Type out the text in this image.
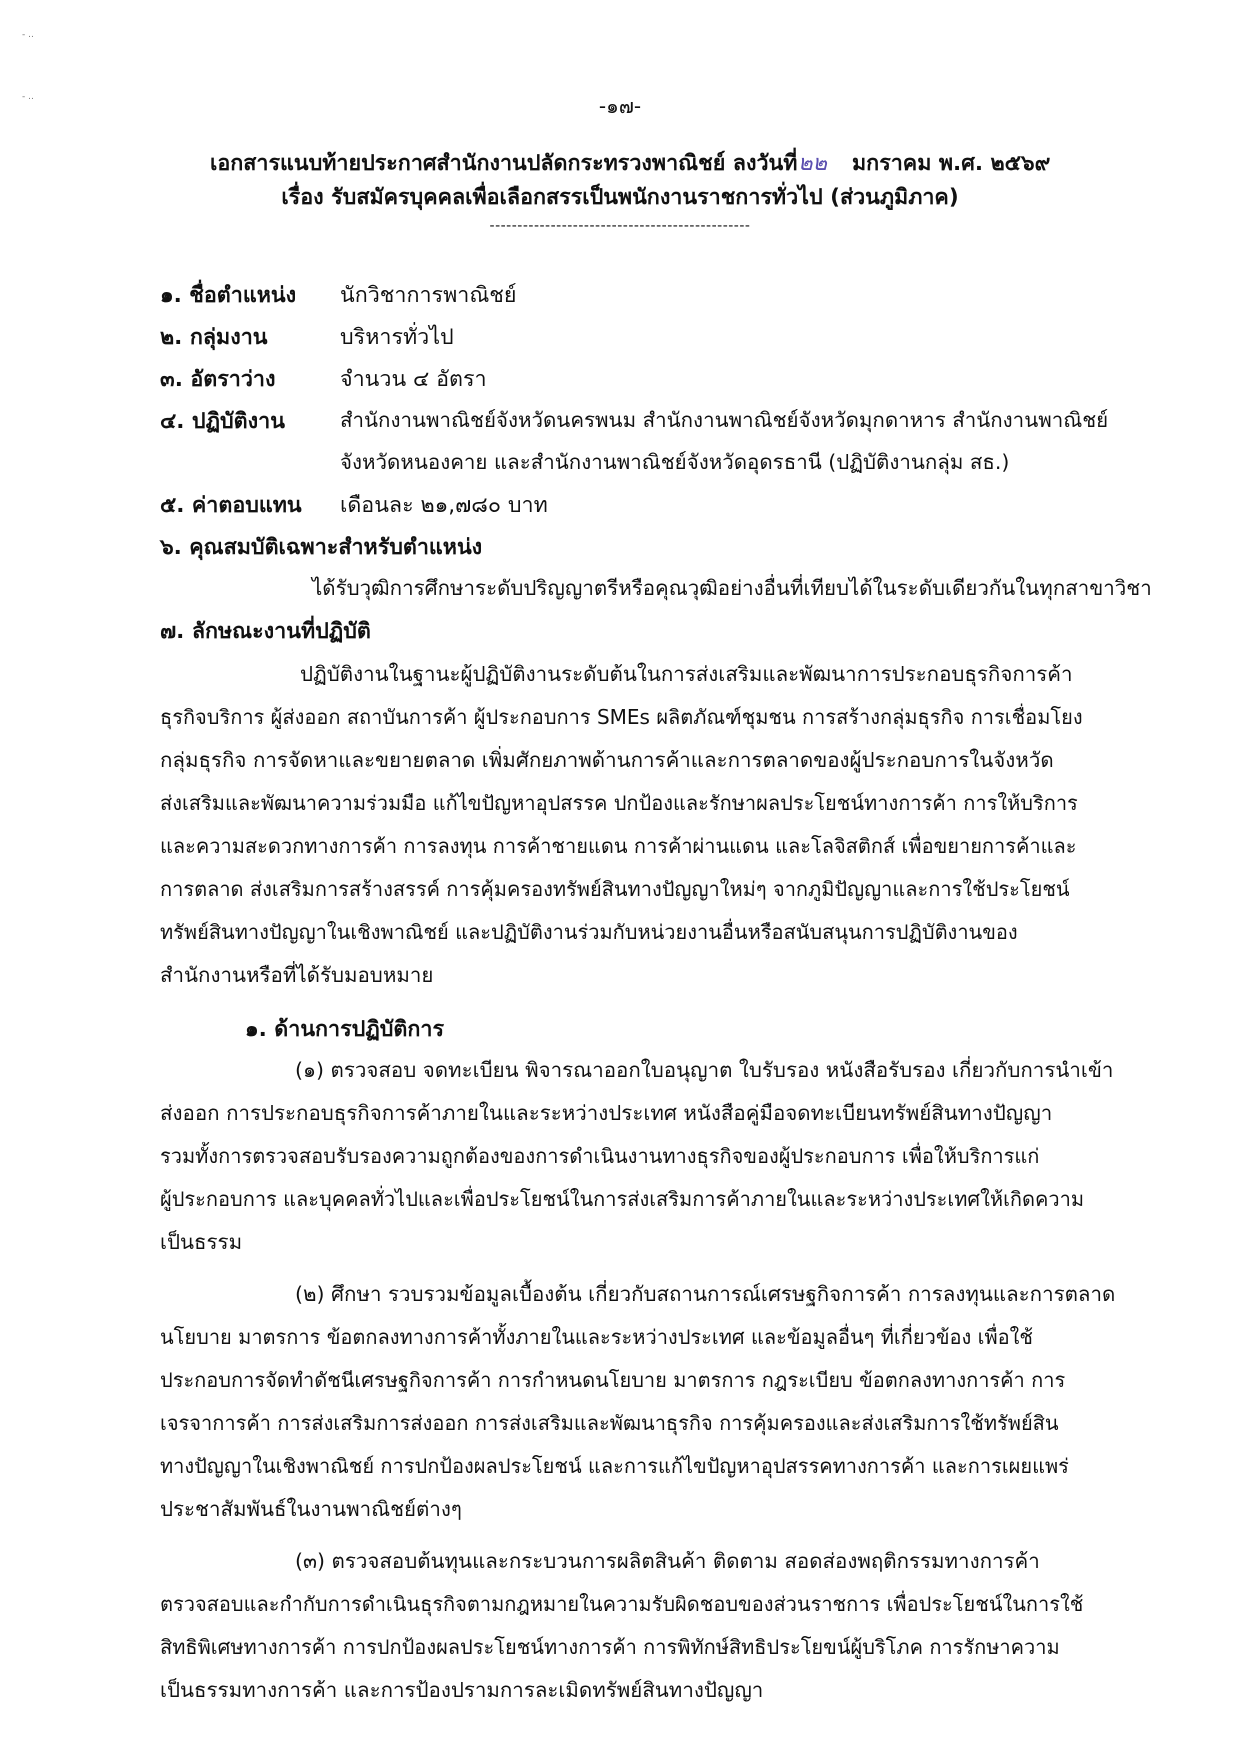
- ..
- ..	-๑๗-
เอกสารแนบท้ายประกาศสำนักงานปลัดกระทรวงพาณิชย์ ลงวันที่ ๒๒ มกราคม พ.ศ. ๒๕๖๙
เรื่อง รับสมัครบุคคลเพื่อเลือกสรรเป็นพนักงานราชการทั่วไป (ส่วนภูมิภาค)
-----------------------------------------------
๑. ชื่อตำแหน่ง นักวิชาการพาณิชย์
๒. กลุ่มงาน	บริหารทั่วไป
๓. อัตราว่าง	จำนวน ๔ อัตรา
๔. ปฏิบัติงาน	สำนักงานพาณิชย์จังหวัดนครพนม สำนักงานพาณิชย์จังหวัดมุกดาหาร สำนักงานพาณิชย์
จังหวัดหนองคาย และสำนักงานพาณิชย์จังหวัดอุดรธานี (ปฏิบัติงานกลุ่ม สธ.)
๕. ค่าตอบแทน เดือนละ ๒๑,๗๘๐ บาท
๖. คุณสมบัติเฉพาะสำหรับตำแหน่ง
ได้รับวุฒิการศึกษาระดับปริญญาตรีหรือคุณวุฒิอย่างอื่นที่เทียบได้ในระดับเดียวกันในทุกสาขาวิชา
๗. ลักษณะงานที่ปฏิบัติ
ปฏิบัติงานในฐานะผู้ปฏิบัติงานระดับต้นในการส่งเสริมและพัฒนาการประกอบธุรกิจการค้า
ธุรกิจบริการ ผู้ส่งออก สถาบันการค้า ผู้ประกอบการ SMEs ผลิตภัณฑ์ชุมชน การสร้างกลุ่มธุรกิจ การเชื่อมโยง
กลุ่มธุรกิจ การจัดหาและขยายตลาด เพิ่มศักยภาพด้านการค้าและการตลาดของผู้ประกอบการในจังหวัด
ส่งเสริมและพัฒนาความร่วมมือ แก้ไขปัญหาอุปสรรค ปกป้องและรักษาผลประโยชน์ทางการค้า การให้บริการ
และความสะดวกทางการค้า การลงทุน การค้าชายแดน การค้าผ่านแดน และโลจิสติกส์ เพื่อขยายการค้าและ
การตลาด ส่งเสริมการสร้างสรรค์ การคุ้มครองทรัพย์สินทางปัญญาใหม่ๆ จากภูมิปัญญาและการใช้ประโยชน์
ทรัพย์สินทางปัญญาในเชิงพาณิชย์ และปฏิบัติงานร่วมกับหน่วยงานอื่นหรือสนับสนุนการปฏิบัติงานของ
สำนักงานหรือที่ได้รับมอบหมาย
๑. ด้านการปฏิบัติการ
(๑) ตรวจสอบ จดทะเบียน พิจารณาออกใบอนุญาต ใบรับรอง หนังสือรับรอง เกี่ยวกับการนำเข้า
ส่งออก การประกอบธุรกิจการค้าภายในและระหว่างประเทศ หนังสือคู่มือจดทะเบียนทรัพย์สินทางปัญญา
รวมทั้งการตรวจสอบรับรองความถูกต้องของการดำเนินงานทางธุรกิจของผู้ประกอบการ เพื่อให้บริการแก่
ผู้ประกอบการ และบุคคลทั่วไปและเพื่อประโยชน์ในการส่งเสริมการค้าภายในและระหว่างประเทศให้เกิดความ
เป็นธรรม
(๒) ศึกษา รวบรวมข้อมูลเบื้องต้น เกี่ยวกับสถานการณ์เศรษฐกิจการค้า การลงทุนและการตลาด
นโยบาย มาตรการ ข้อตกลงทางการค้าทั้งภายในและระหว่างประเทศ และข้อมูลอื่นๆ ที่เกี่ยวข้อง เพื่อใช้
ประกอบการจัดทำดัชนีเศรษฐกิจการค้า การกำหนดนโยบาย มาตรการ กฎระเบียบ ข้อตกลงทางการค้า การ
เจรจาการค้า การส่งเสริมการส่งออก การส่งเสริมและพัฒนาธุรกิจ การคุ้มครองและส่งเสริมการใช้ทรัพย์สิน
ทางปัญญาในเชิงพาณิชย์ การปกป้องผลประโยชน์ และการแก้ไขปัญหาอุปสรรคทางการค้า และการเผยแพร่
ประชาสัมพันธ์ในงานพาณิชย์ต่างๆ
(๓) ตรวจสอบต้นทุนและกระบวนการผลิตสินค้า ติดตาม สอดส่องพฤติกรรมทางการค้า
ตรวจสอบและกำกับการดำเนินธุรกิจตามกฎหมายในความรับผิดชอบของส่วนราชการ เพื่อประโยชน์ในการใช้
สิทธิพิเศษทางการค้า การปกป้องผลประโยชน์ทางการค้า การพิทักษ์สิทธิประโยขน์ผู้บริโภค การรักษาความ
เป็นธรรมทางการค้า และการป้องปรามการละเมิดทรัพย์สินทางปัญญา
